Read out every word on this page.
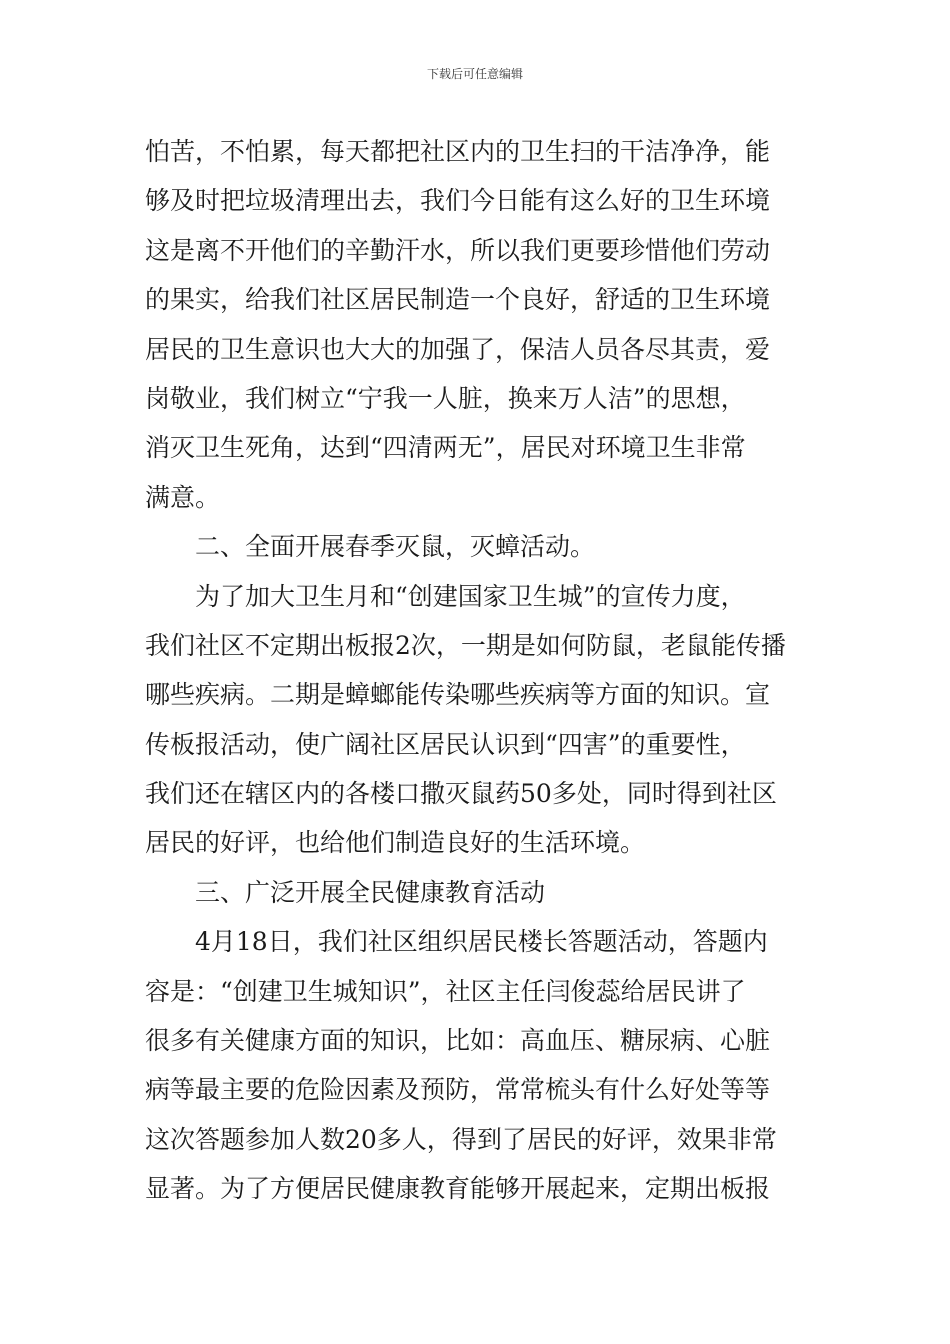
下载后可任意编辑
怕苦，不怕累，每天都把社区内的卫生扫的干洁净净，能
够及时把垃圾清理出去，我们今日能有这么好的卫生环境
这是离不开他们的辛勤汗水，所以我们更要珍惜他们劳动
的果实，给我们社区居民制造一个良好，舒适的卫生环境
居民的卫生意识也大大的加强了，保洁人员各尽其责，爱
岗敬业，我们树立“宁我一人脏，换来万人洁”的思想，
消灭卫生死角，达到“四清两无”，居民对环境卫生非常
满意。
二、全面开展春季灭鼠，灭蟑活动。
为了加大卫生月和“创建国家卫生城”的宣传力度，
我们社区不定期出板报2次，一期是如何防鼠，老鼠能传播
哪些疾病。二期是蟑螂能传染哪些疾病等方面的知识。宣
传板报活动，使广阔社区居民认识到“四害”的重要性，
我们还在辖区内的各楼口撒灭鼠药50多处，同时得到社区
居民的好评，也给他们制造良好的生活环境。
三、广泛开展全民健康教育活动
4月18日，我们社区组织居民楼长答题活动，答题内
容是：“创建卫生城知识”，社区主任闫俊蕊给居民讲了
很多有关健康方面的知识，比如：高血压、糖尿病、心脏
病等最主要的危险因素及预防，常常梳头有什么好处等等
这次答题参加人数20多人，得到了居民的好评，效果非常
显著。为了方便居民健康教育能够开展起来，定期出板报
